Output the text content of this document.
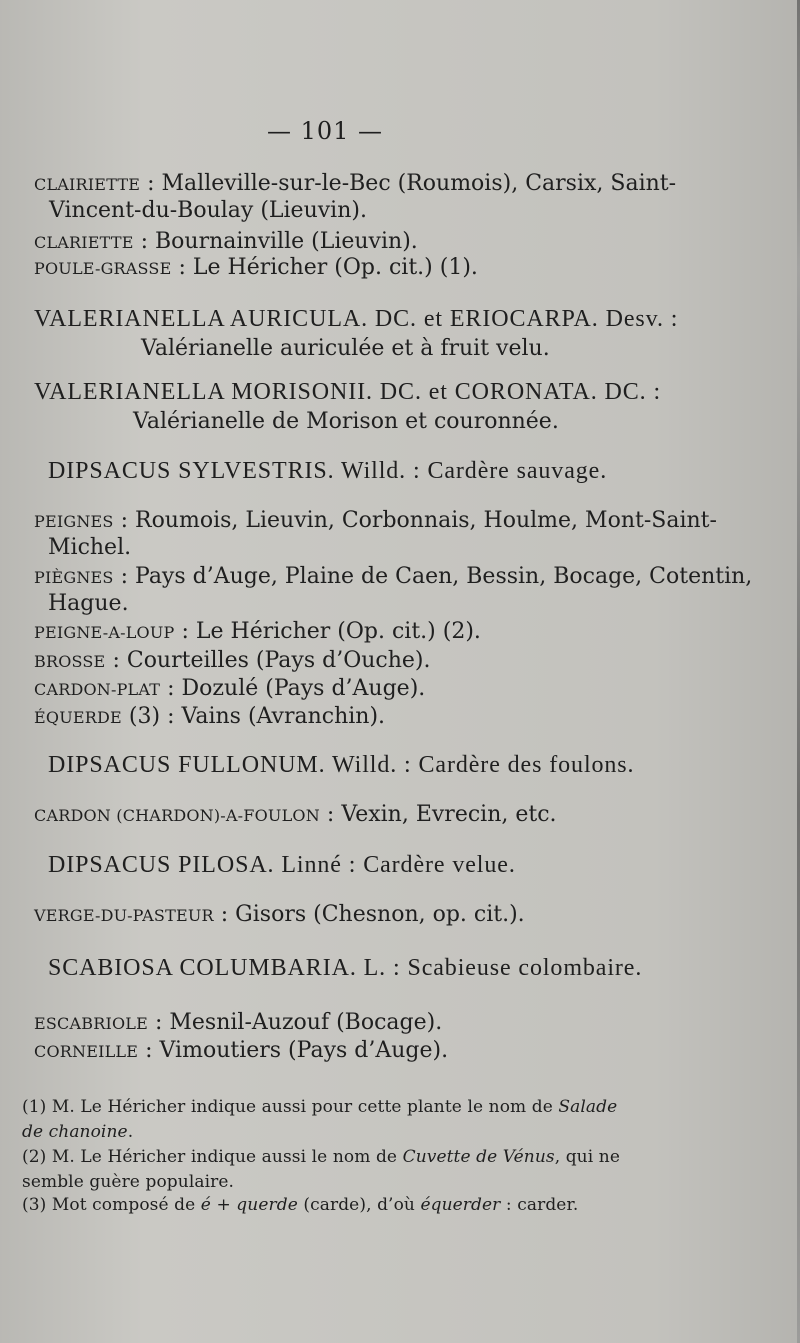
— 101 —
CLAIRIETTE : Malleville-sur-le-Bec (Roumois), Carsix, Saint-
Vincent-du-Boulay (Lieuvin).
CLARIETTE : Bournainville (Lieuvin).
POULE-GRASSE : Le Héricher (Op. cit.) (1).
VALERIANELLA AURICULA. DC. et ERIOCARPA. Desv. :
Valérianelle auriculée et à fruit velu.
VALERIANELLA MORISONII. DC. et CORONATA. DC. :
Valérianelle de Morison et couronnée.
DIPSACUS SYLVESTRIS. Willd. : Cardère sauvage.
PEIGNES : Roumois, Lieuvin, Corbonnais, Houlme, Mont-Saint-
Michel.
PIÈGNES : Pays d’Auge, Plaine de Caen, Bessin, Bocage, Cotentin,
Hague.
PEIGNE-A-LOUP : Le Héricher (Op. cit.) (2).
BROSSE : Courteilles (Pays d’Ouche).
CARDON-PLAT : Dozulé (Pays d’Auge).
ÉQUERDE (3) : Vains (Avranchin).
DIPSACUS FULLONUM. Willd. : Cardère des foulons.
CARDON (CHARDON)-A-FOULON : Vexin, Evrecin, etc.
DIPSACUS PILOSA. Linné : Cardère velue.
VERGE-DU-PASTEUR : Gisors (Chesnon, op. cit.).
SCABIOSA COLUMBARIA. L. : Scabieuse colombaire.
ESCABRIOLE : Mesnil-Auzouf (Bocage).
CORNEILLE : Vimoutiers (Pays d’Auge).
(1) M. Le Héricher indique aussi pour cette plante le nom de Salade de chanoine.
(2) M. Le Héricher indique aussi le nom de Cuvette de Vénus, qui ne semble guère populaire.
(3) Mot composé de é + querde (carde), d’où équerder : carder.
